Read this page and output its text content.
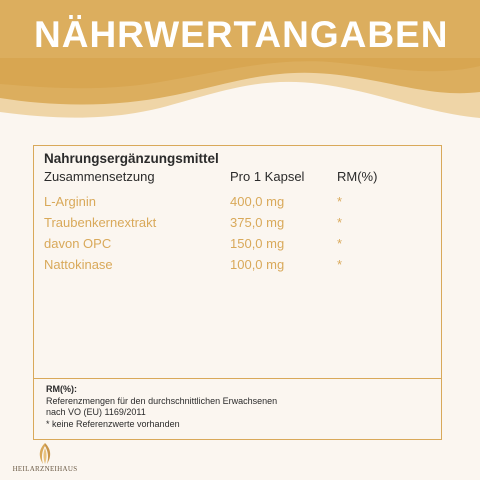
NÄHRWERTANGABEN
Nahrungsergänzungsmittel
Zusammensetzung	Pro 1 Kapsel	RM(%)
L-Arginin	400,0 mg	*
Traubenkernextrakt	375,0 mg	*
davon OPC	150,0 mg	*
Nattokinase	100,0 mg	*
RM(%):
Referenzmengen für den durchschnittlichen Erwachsenen
nach VO (EU) 1169/2011
* keine Referenzwerte vorhanden
HEILARZNEIHAUS
